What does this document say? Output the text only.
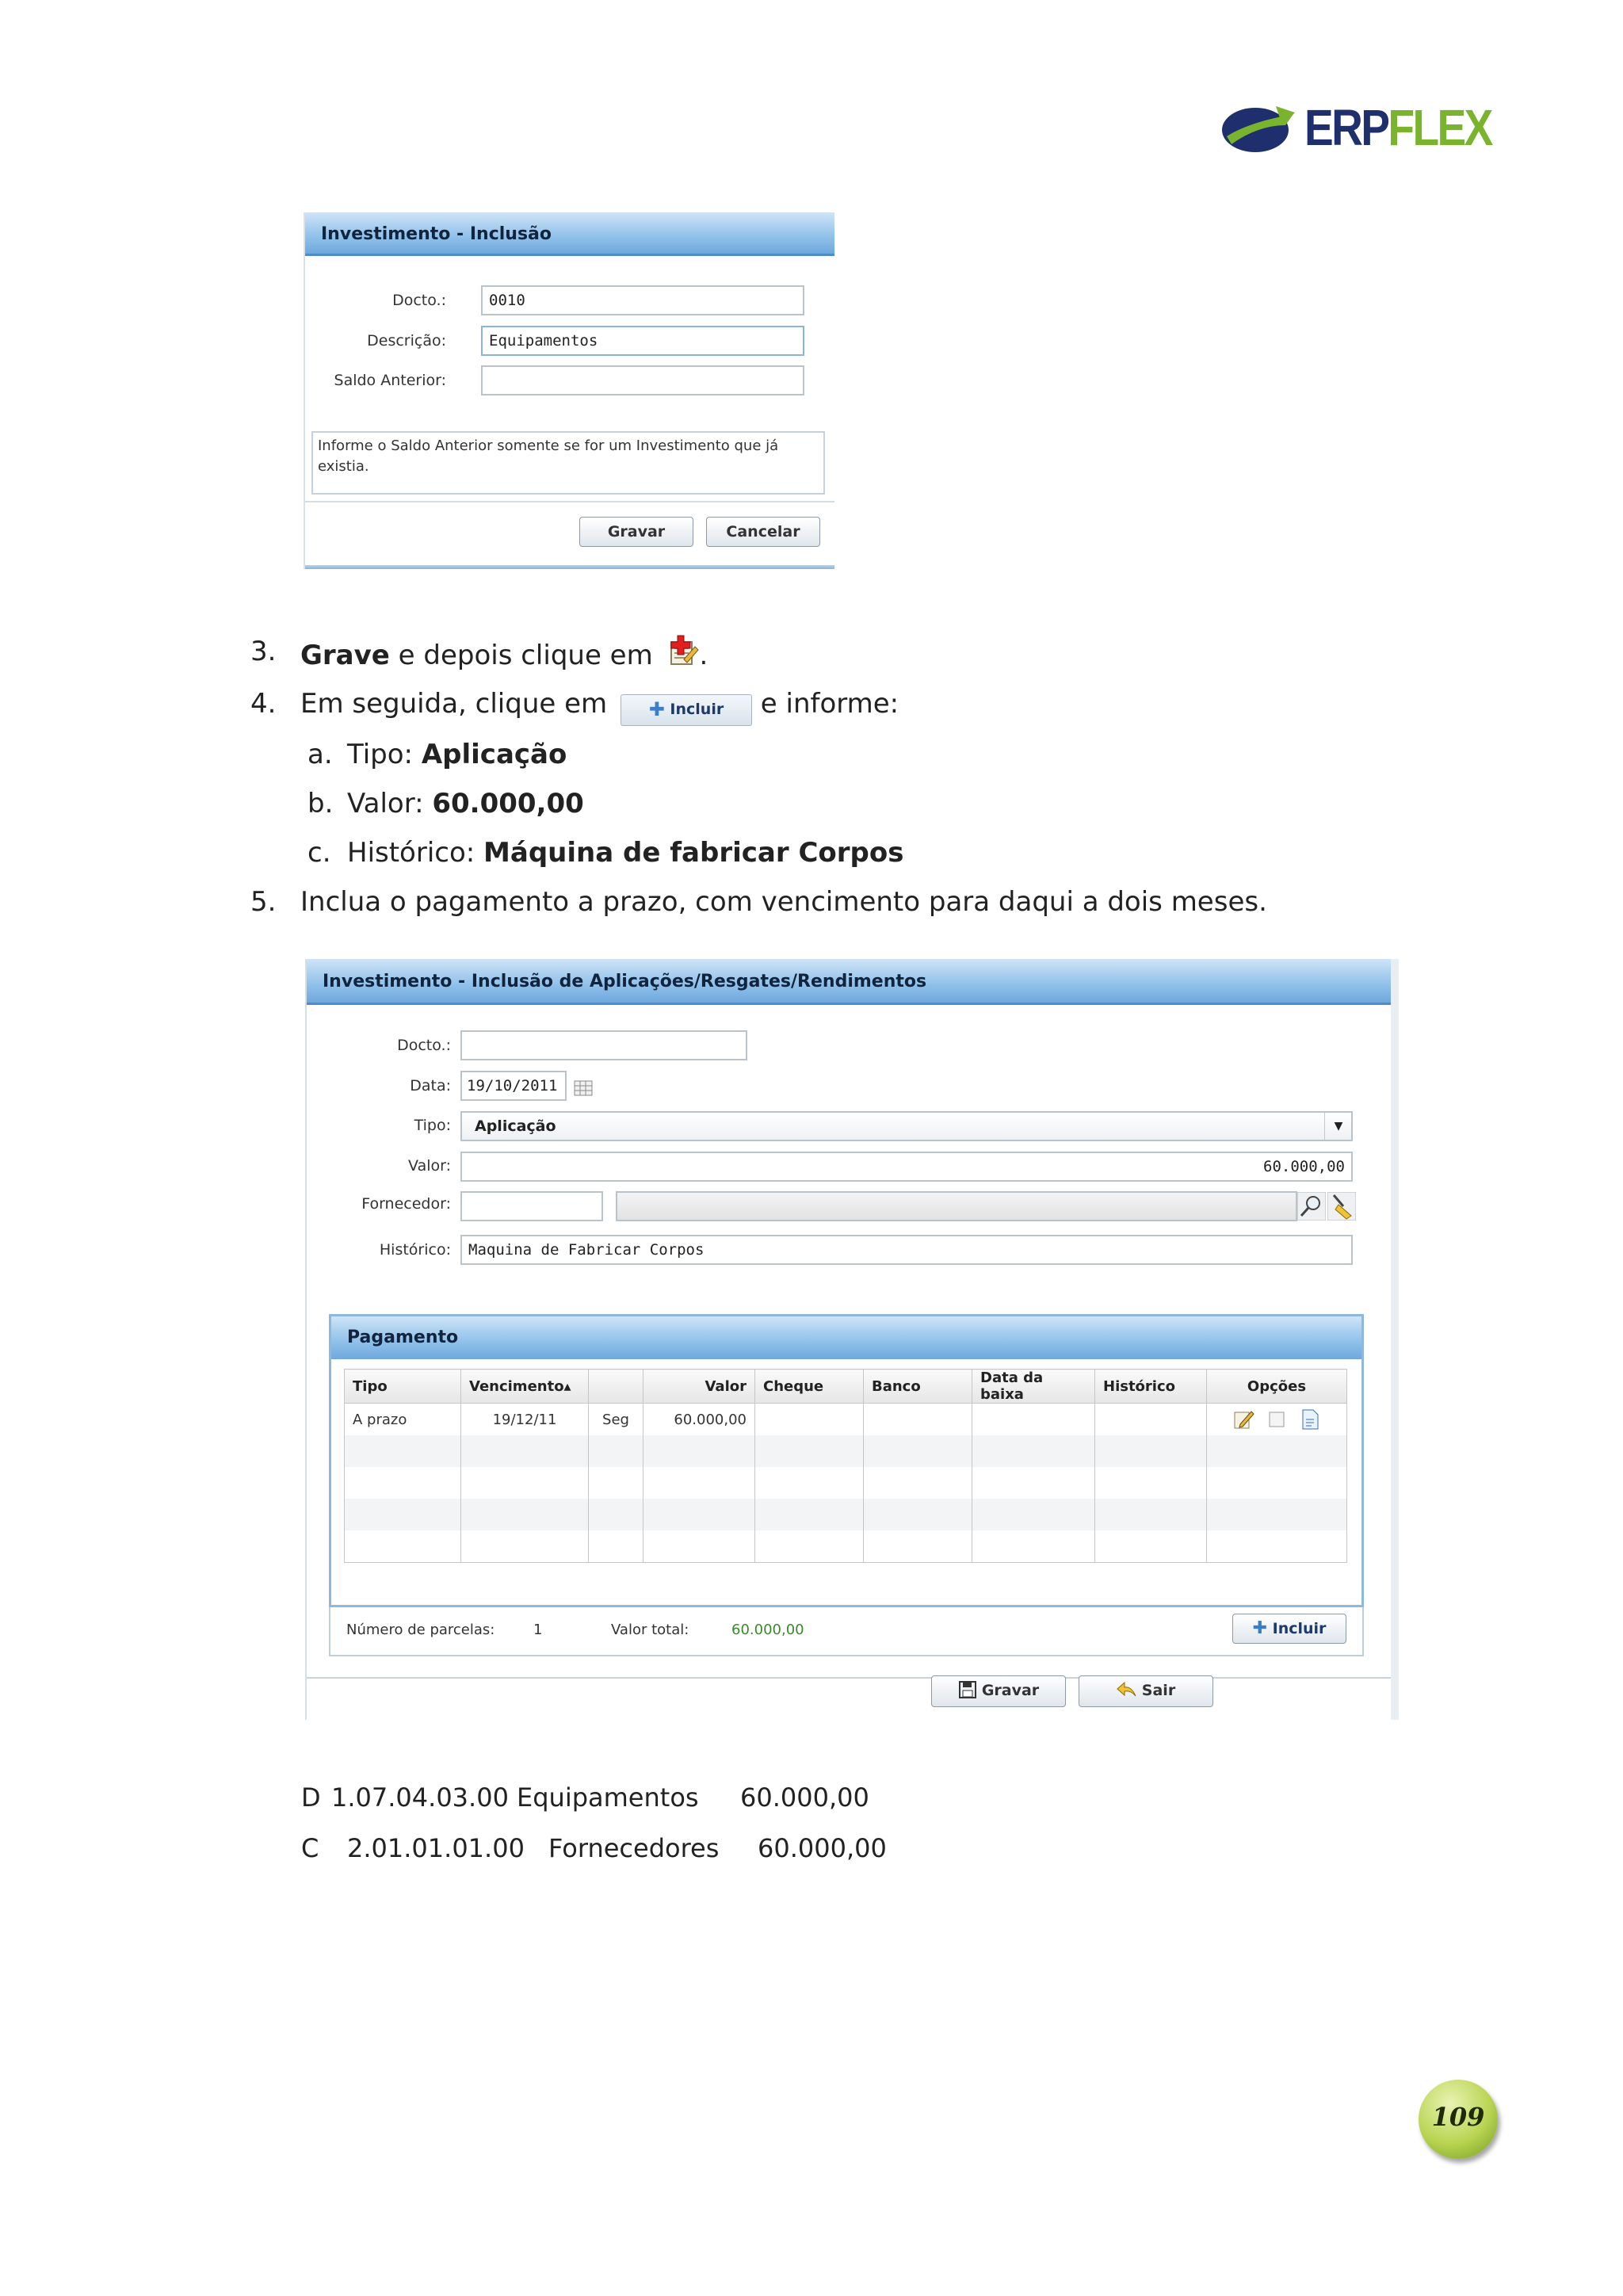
ERPFLEX
Investimento - Inclusão
Docto.:	0010
Descrição:	Equipamentos
Saldo Anterior:
Informe o Saldo Anterior somente se for um Investimento que já existia.
Gravar	Cancelar
3. Grave e depois clique em .
4. Em seguida, clique em ✚ Incluir e informe:
a. Tipo: Aplicação
b. Valor: 60.000,00
c. Histórico: Máquina de fabricar Corpos
5. Inclua o pagamento a prazo, com vencimento para daqui a dois meses.
Investimento - Inclusão de Aplicações/Resgates/Rendimentos
Docto.:
Data:	19/10/2011
Tipo:	Aplicação	▼
Valor:	60.000,00
Fornecedor:
Histórico:	Maquina de Fabricar Corpos
Pagamento
Tipo	Vencimento▴		Valor	Cheque	Banco	Data da baixa	Histórico	Opções
A prazo	19/12/11	Seg	60.000,00					

Número de parcelas:	1	Valor total:	60.000,00	✚ Incluir
Gravar	Sair
D 1.07.04.03.00 Equipamentos 60.000,00
C 2.01.01.01.00 Fornecedores 60.000,00
109
